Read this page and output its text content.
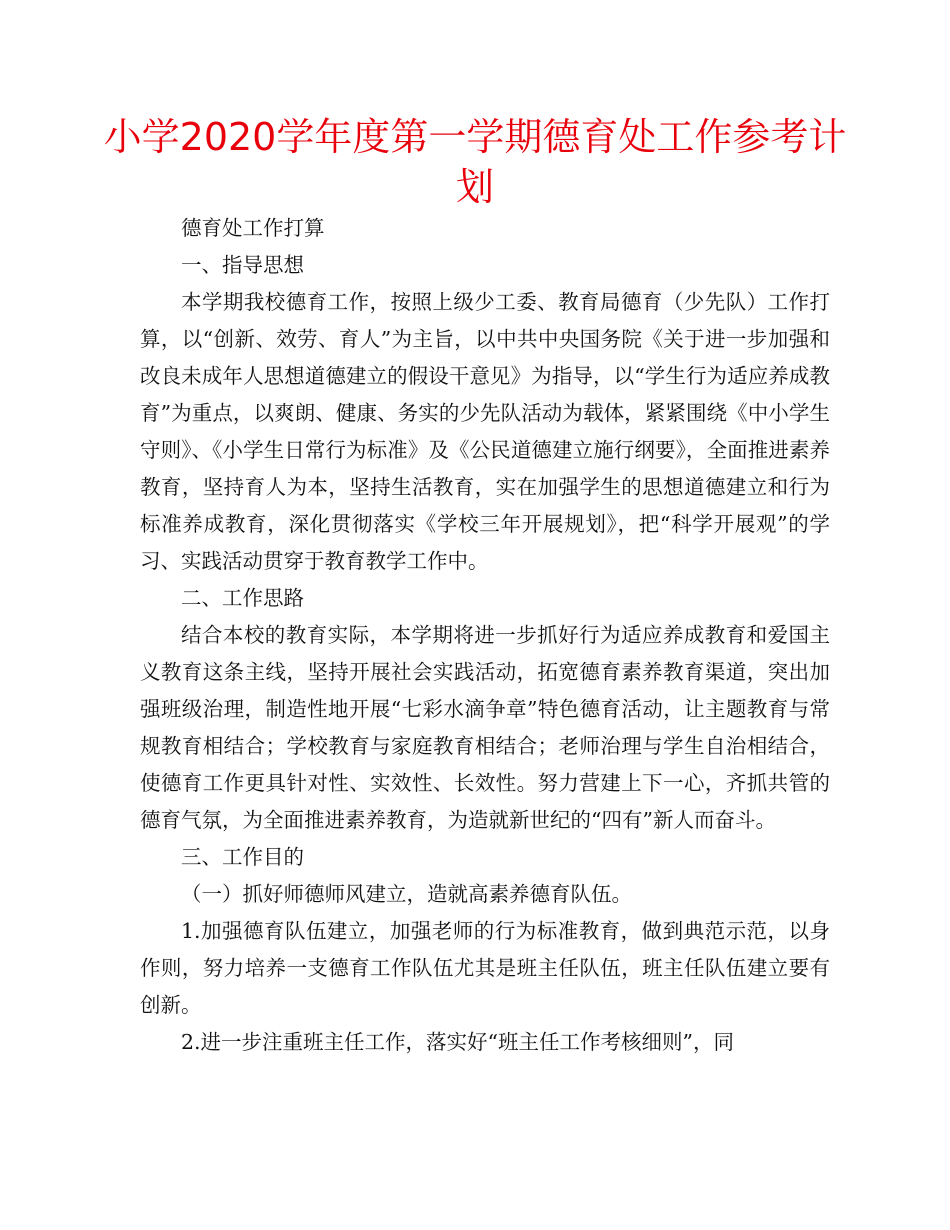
小学2020学年度第一学期德育处工作参考计划

德育处工作打算

一、指导思想

本学期我校德育工作，按照上级少工委、教育局德育（少先队）工作打算，以“创新、效劳、育人”为主旨，以中共中央国务院《关于进一步加强和改良未成年人思想道德建立的假设干意见》为指导，以“学生行为适应养成教育”为重点，以爽朗、健康、务实的少先队活动为载体，紧紧围绕《中小学生守则》、《小学生日常行为标准》及《公民道德建立施行纲要》，全面推进素养教育，坚持育人为本，坚持生活教育，实在加强学生的思想道德建立和行为标准养成教育，深化贯彻落实《学校三年开展规划》，把“科学开展观”的学习、实践活动贯穿于教育教学工作中。

二、工作思路

结合本校的教育实际，本学期将进一步抓好行为适应养成教育和爱国主义教育这条主线，坚持开展社会实践活动，拓宽德育素养教育渠道，突出加强班级治理，制造性地开展“七彩水滴争章”特色德育活动，让主题教育与常规教育相结合；学校教育与家庭教育相结合；老师治理与学生自治相结合，使德育工作更具针对性、实效性、长效性。努力营建上下一心，齐抓共管的德育气氛，为全面推进素养教育，为造就新世纪的“四有”新人而奋斗。

三、工作目的

（一）抓好师德师风建立，造就高素养德育队伍。

1.加强德育队伍建立，加强老师的行为标准教育，做到典范示范，以身作则，努力培养一支德育工作队伍尤其是班主任队伍，班主任队伍建立要有创新。

2.进一步注重班主任工作，落实好“班主任工作考核细则”，同
